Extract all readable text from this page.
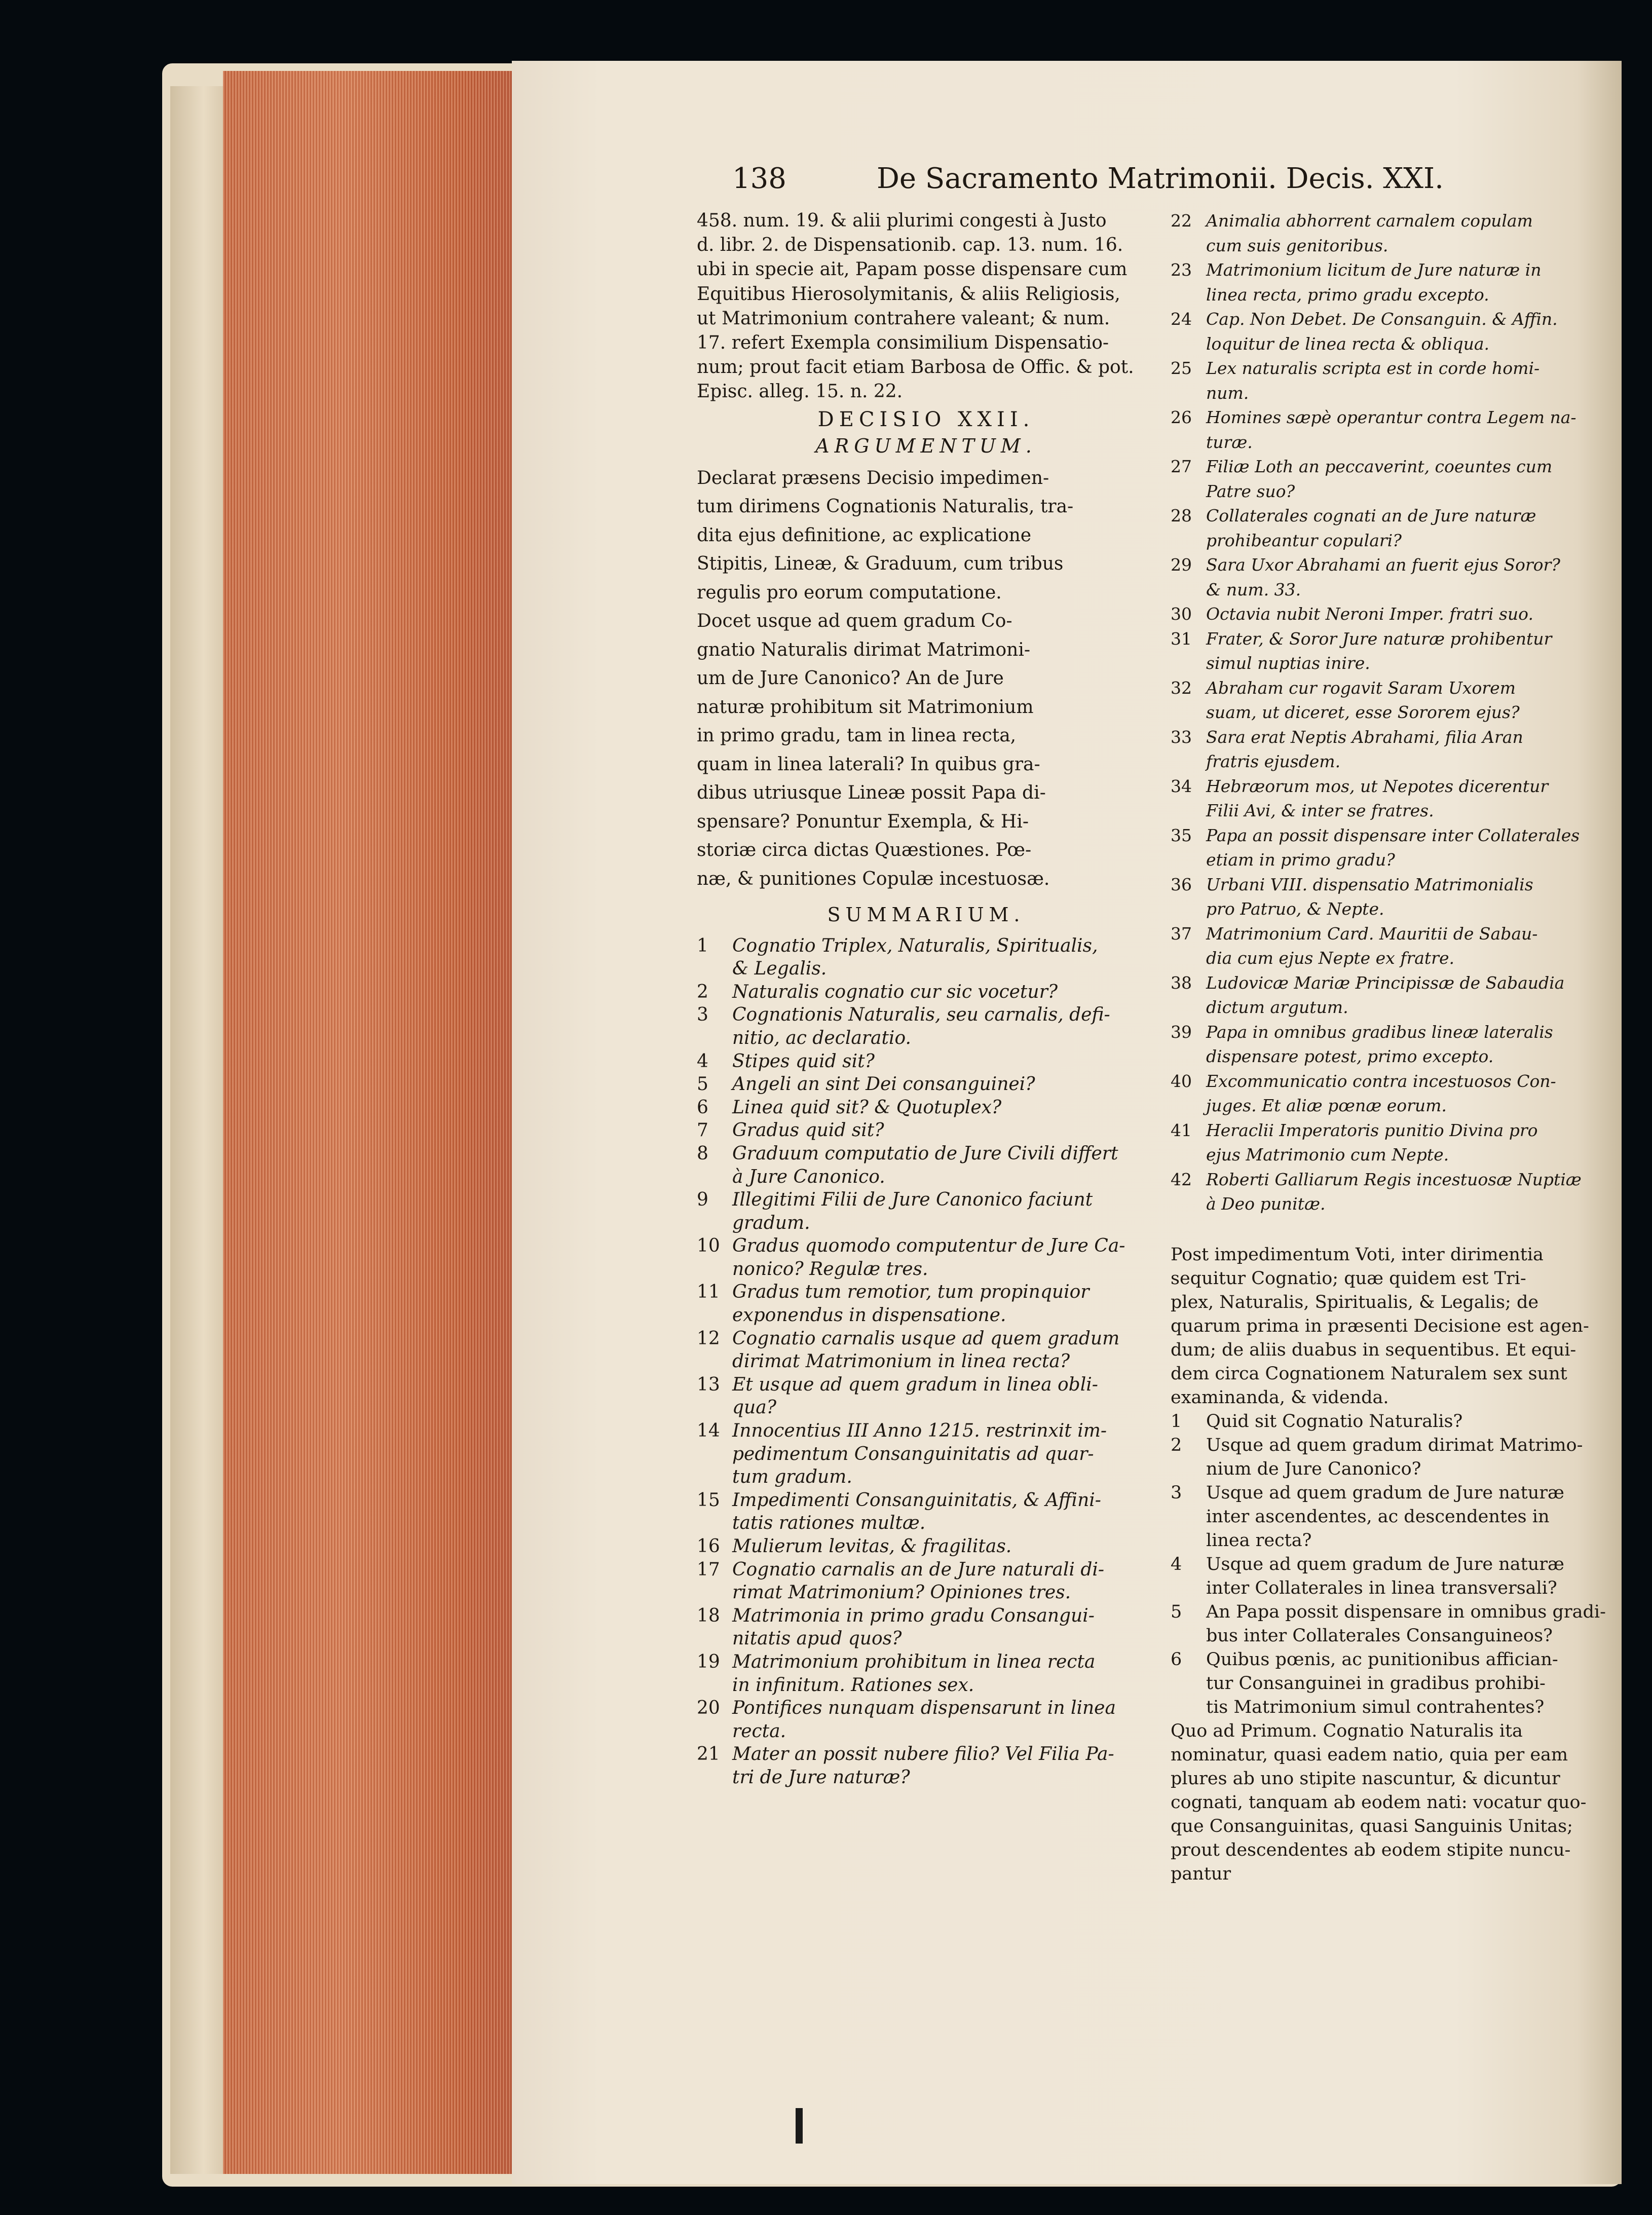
138	De Sacramento Matrimonii. Decis. XXI.
458. num. 19. & alii plurimi congesti à Justo
d. libr. 2. de Dispensationib. cap. 13. num. 16.
ubi in specie ait, Papam posse dispensare cum
Equitibus Hierosolymitanis, & aliis Religiosis,
ut Matrimonium contrahere valeant; & num.
17. refert Exempla consimilium Dispensatio-
num; prout facit etiam Barbosa de Offic. & pot.
Episc. alleg. 15. n. 22.
DECISIO XXII.
ARGUMENTUM.
Declarat præsens Decisio impedimen-
tum dirimens Cognationis Naturalis, tra-
dita ejus definitione, ac explicatione
Stipitis, Lineæ, & Graduum, cum tribus
regulis pro eorum computatione.
Docet usque ad quem gradum Co-
gnatio Naturalis dirimat Matrimoni-
um de Jure Canonico? An de Jure
naturæ prohibitum sit Matrimonium
in primo gradu, tam in linea recta,
quam in linea laterali? In quibus gra-
dibus utriusque Lineæ possit Papa di-
spensare? Ponuntur Exempla, & Hi-
storiæ circa dictas Quæstiones. Pœ-
næ, & punitiones Copulæ incestuosæ.
SUMMARIUM.
1 Cognatio Triplex, Naturalis, Spiritualis,
& Legalis.
2 Naturalis cognatio cur sic vocetur?
3 Cognationis Naturalis, seu carnalis, defi-
nitio, ac declaratio.
4 Stipes quid sit?
5 Angeli an sint Dei consanguinei?
6 Linea quid sit? & Quotuplex?
7 Gradus quid sit?
8 Graduum computatio de Jure Civili differt
à Jure Canonico.
9 Illegitimi Filii de Jure Canonico faciunt
gradum.
10 Gradus quomodo computentur de Jure Ca-
nonico? Regulæ tres.
11 Gradus tum remotior, tum propinquior
exponendus in dispensatione.
12 Cognatio carnalis usque ad quem gradum
dirimat Matrimonium in linea recta?
13 Et usque ad quem gradum in linea obli-
qua?
14 Innocentius III Anno 1215. restrinxit im-
pedimentum Consanguinitatis ad quar-
tum gradum.
15 Impedimenti Consanguinitatis, & Affini-
tatis rationes multæ.
16 Mulierum levitas, & fragilitas.
17 Cognatio carnalis an de Jure naturali di-
rimat Matrimonium? Opiniones tres.
18 Matrimonia in primo gradu Consangui-
nitatis apud quos?
19 Matrimonium prohibitum in linea recta
in infinitum. Rationes sex.
20 Pontifices nunquam dispensarunt in linea
recta.
21 Mater an possit nubere filio? Vel Filia Pa-
tri de Jure naturæ?
22 Animalia abhorrent carnalem copulam
cum suis genitoribus.
23 Matrimonium licitum de Jure naturæ in
linea recta, primo gradu excepto.
24 Cap. Non Debet. De Consanguin. & Affin.
loquitur de linea recta & obliqua.
25 Lex naturalis scripta est in corde homi-
num.
26 Homines sæpè operantur contra Legem na-
turæ.
27 Filiæ Loth an peccaverint, coeuntes cum
Patre suo?
28 Collaterales cognati an de Jure naturæ
prohibeantur copulari?
29 Sara Uxor Abrahami an fuerit ejus Soror?
& num. 33.
30 Octavia nubit Neroni Imper. fratri suo.
31 Frater, & Soror Jure naturæ prohibentur
simul nuptias inire.
32 Abraham cur rogavit Saram Uxorem
suam, ut diceret, esse Sororem ejus?
33 Sara erat Neptis Abrahami, filia Aran
fratris ejusdem.
34 Hebræorum mos, ut Nepotes dicerentur
Filii Avi, & inter se fratres.
35 Papa an possit dispensare inter Collaterales
etiam in primo gradu?
36 Urbani VIII. dispensatio Matrimonialis
pro Patruo, & Nepte.
37 Matrimonium Card. Mauritii de Sabau-
dia cum ejus Nepte ex fratre.
38 Ludovicæ Mariæ Principissæ de Sabaudia
dictum argutum.
39 Papa in omnibus gradibus lineæ lateralis
dispensare potest, primo excepto.
40 Excommunicatio contra incestuosos Con-
juges. Et aliæ pœnæ eorum.
41 Heraclii Imperatoris punitio Divina pro
ejus Matrimonio cum Nepte.
42 Roberti Galliarum Regis incestuosæ Nuptiæ
à Deo punitæ.
Post impedimentum Voti, inter dirimentia
sequitur Cognatio; quæ quidem est Tri-
plex, Naturalis, Spiritualis, & Legalis; de
quarum prima in præsenti Decisione est agen-
dum; de aliis duabus in sequentibus. Et equi-
dem circa Cognationem Naturalem sex sunt
examinanda, & videnda.
1 Quid sit Cognatio Naturalis?
2 Usque ad quem gradum dirimat Matrimo-
nium de Jure Canonico?
3 Usque ad quem gradum de Jure naturæ
inter ascendentes, ac descendentes in
linea recta?
4 Usque ad quem gradum de Jure naturæ
inter Collaterales in linea transversali?
5 An Papa possit dispensare in omnibus gradi-
bus inter Collaterales Consanguineos?
6 Quibus pœnis, ac punitionibus affician-
tur Consanguinei in gradibus prohibi-
tis Matrimonium simul contrahentes?
Quo ad Primum. Cognatio Naturalis ita
nominatur, quasi eadem natio, quia per eam
plures ab uno stipite nascuntur, & dicuntur
cognati, tanquam ab eodem nati: vocatur quo-
que Consanguinitas, quasi Sanguinis Unitas;
prout descendentes ab eodem stipite nuncu-
pantur
